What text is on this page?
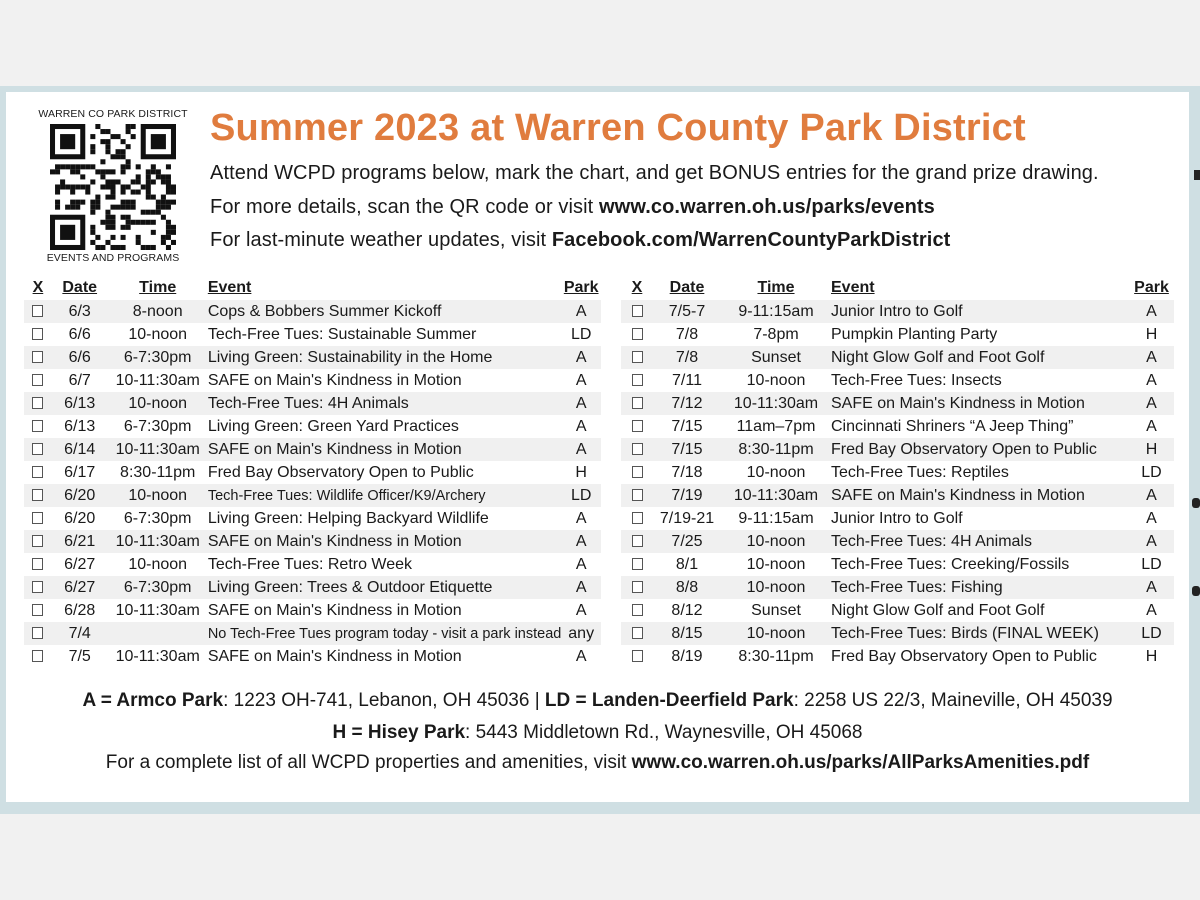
WARREN CO PARK DISTRICT
EVENTS AND PROGRAMS
Summer 2023 at Warren County Park District
Attend WCPD programs below, mark the chart, and get BONUS entries for the grand prize drawing.
For more details, scan the QR code or visit www.co.warren.oh.us/parks/events
For last-minute weather updates, visit Facebook.com/WarrenCountyParkDistrict
X	Date	Time	Event	Park
	6/3	8-noon	Cops & Bobbers Summer Kickoff	A
	6/6	10-noon	Tech-Free Tues: Sustainable Summer	LD
	6/6	6-7:30pm	Living Green: Sustainability in the Home	A
	6/7	10-11:30am	SAFE on Main's Kindness in Motion	A
	6/13	10-noon	Tech-Free Tues: 4H Animals	A
	6/13	6-7:30pm	Living Green: Green Yard Practices	A
	6/14	10-11:30am	SAFE on Main's Kindness in Motion	A
	6/17	8:30-11pm	Fred Bay Observatory Open to Public	H
	6/20	10-noon	Tech-Free Tues: Wildlife Officer/K9/Archery	LD
	6/20	6-7:30pm	Living Green: Helping Backyard Wildlife	A
	6/21	10-11:30am	SAFE on Main's Kindness in Motion	A
	6/27	10-noon	Tech-Free Tues: Retro Week	A
	6/27	6-7:30pm	Living Green: Trees & Outdoor Etiquette	A
	6/28	10-11:30am	SAFE on Main's Kindness in Motion	A
	7/4		No Tech-Free Tues program today - visit a park instead	any
	7/5	10-11:30am	SAFE on Main's Kindness in Motion	A
X	Date	Time	Event	Park
	7/5-7	9-11:15am	Junior Intro to Golf	A
	7/8	7-8pm	Pumpkin Planting Party	H
	7/8	Sunset	Night Glow Golf and Foot Golf	A
	7/11	10-noon	Tech-Free Tues: Insects	A
	7/12	10-11:30am	SAFE on Main's Kindness in Motion	A
	7/15	11am–7pm	Cincinnati Shriners “A Jeep Thing”	A
	7/15	8:30-11pm	Fred Bay Observatory Open to Public	H
	7/18	10-noon	Tech-Free Tues: Reptiles	LD
	7/19	10-11:30am	SAFE on Main's Kindness in Motion	A
	7/19-21	9-11:15am	Junior Intro to Golf	A
	7/25	10-noon	Tech-Free Tues: 4H Animals	A
	8/1	10-noon	Tech-Free Tues: Creeking/Fossils	LD
	8/8	10-noon	Tech-Free Tues: Fishing	A
	8/12	Sunset	Night Glow Golf and Foot Golf	A
	8/15	10-noon	Tech-Free Tues: Birds (FINAL WEEK)	LD
	8/19	8:30-11pm	Fred Bay Observatory Open to Public	H
A = Armco Park: 1223 OH-741, Lebanon, OH 45036 | LD = Landen-Deerfield Park: 2258 US 22/3, Maineville, OH 45039
H = Hisey Park: 5443 Middletown Rd., Waynesville, OH 45068
For a complete list of all WCPD properties and amenities, visit www.co.warren.oh.us/parks/AllParksAmenities.pdf
